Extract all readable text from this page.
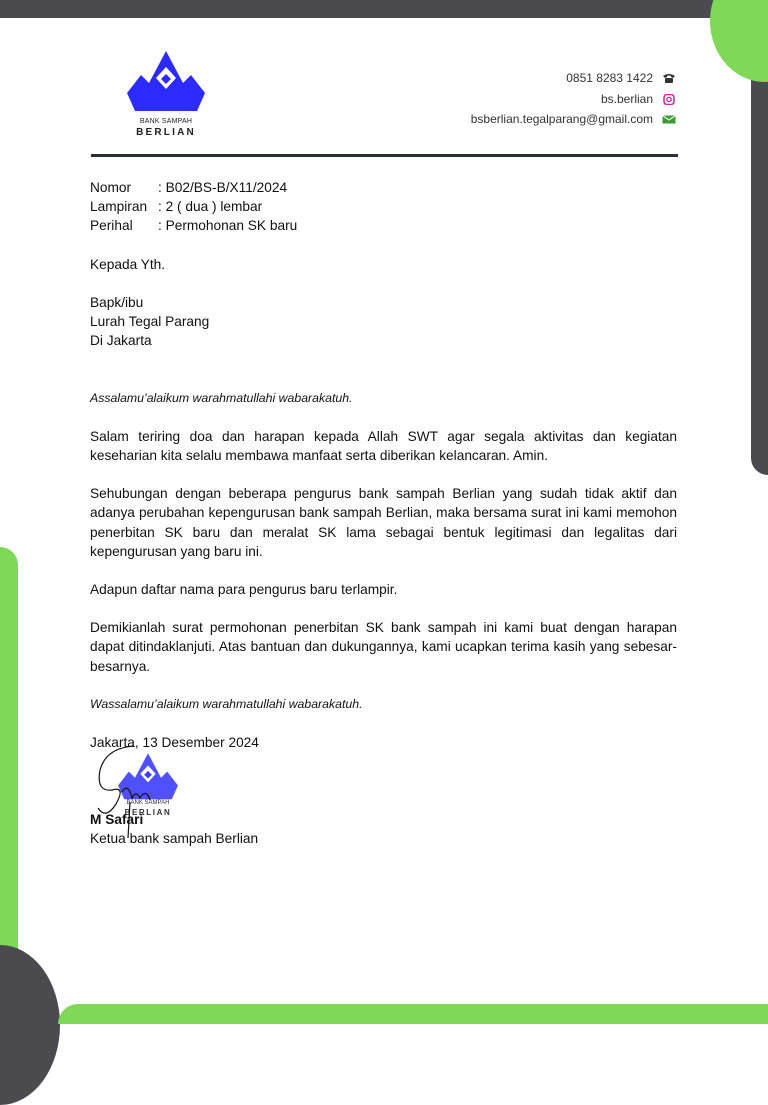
BANK SAMPAH
BERLIAN
0851 8283 1422
bs.berlian
bsberlian.tegalparang@gmail.com
Nomor : B02/BS-B/X11/2024
Lampiran : 2 ( dua ) lembar
Perihal : Permohonan SK baru
Kepada Yth.
Bapk/ibu
Lurah Tegal Parang
Di Jakarta
Assalamu’alaikum warahmatullahi wabarakatuh.
Salam teriring doa dan harapan kepada Allah SWT agar segala aktivitas dan kegiatan keseharian kita selalu membawa manfaat serta diberikan kelancaran. Amin.
Sehubungan dengan beberapa pengurus bank sampah Berlian yang sudah tidak aktif dan adanya perubahan kepengurusan bank sampah Berlian, maka bersama surat ini kami memohon penerbitan SK baru dan meralat SK lama sebagai bentuk legitimasi dan legalitas dari kepengurusan yang baru ini.
Adapun daftar nama para pengurus baru terlampir.
Demikianlah surat permohonan penerbitan SK bank sampah ini kami buat dengan harapan dapat ditindaklanjuti. Atas bantuan dan dukungannya, kami ucapkan terima kasih yang sebesar-besarnya.
Wassalamu’alaikum warahmatullahi wabarakatuh.
Jakarta, 13 Desember 2024
BANK SAMPAH
BERLIAN
M Safari
Ketua bank sampah Berlian
